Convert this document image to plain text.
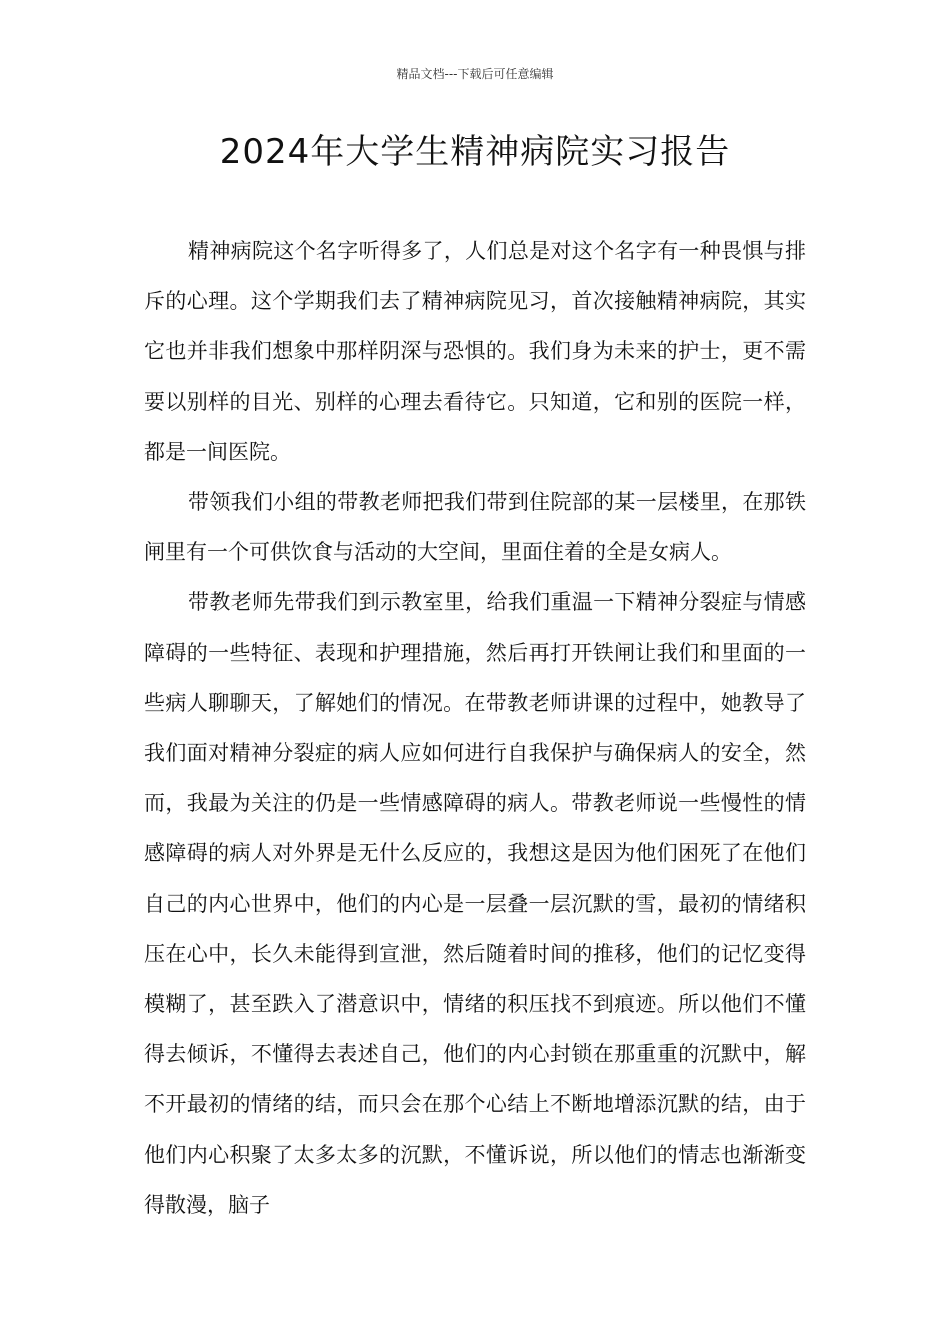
精品文档---下载后可任意编辑
2024年大学生精神病院实习报告

精神病院这个名字听得多了，人们总是对这个名字有一种畏惧与排斥的心理。这个学期我们去了精神病院见习，首次接触精神病院，其实它也并非我们想象中那样阴深与恐惧的。我们身为未来的护士，更不需要以别样的目光、别样的心理去看待它。只知道，它和别的医院一样，都是一间医院。

带领我们小组的带教老师把我们带到住院部的某一层楼里，在那铁闸里有一个可供饮食与活动的大空间，里面住着的全是女病人。

带教老师先带我们到示教室里，给我们重温一下精神分裂症与情感障碍的一些特征、表现和护理措施，然后再打开铁闸让我们和里面的一些病人聊聊天，了解她们的情况。在带教老师讲课的过程中，她教导了我们面对精神分裂症的病人应如何进行自我保护与确保病人的安全，然而，我最为关注的仍是一些情感障碍的病人。带教老师说一些慢性的情感障碍的病人对外界是无什么反应的，我想这是因为他们困死了在他们自己的内心世界中，他们的内心是一层叠一层沉默的雪，最初的情绪积压在心中，长久未能得到宣泄，然后随着时间的推移，他们的记忆变得模糊了，甚至跌入了潜意识中，情绪的积压找不到痕迹。所以他们不懂得去倾诉，不懂得去表述自己，他们的内心封锁在那重重的沉默中，解不开最初的情绪的结，而只会在那个心结上不断地增添沉默的结，由于他们内心积聚了太多太多的沉默，不懂诉说，所以他们的情志也渐渐变得散漫，脑子
